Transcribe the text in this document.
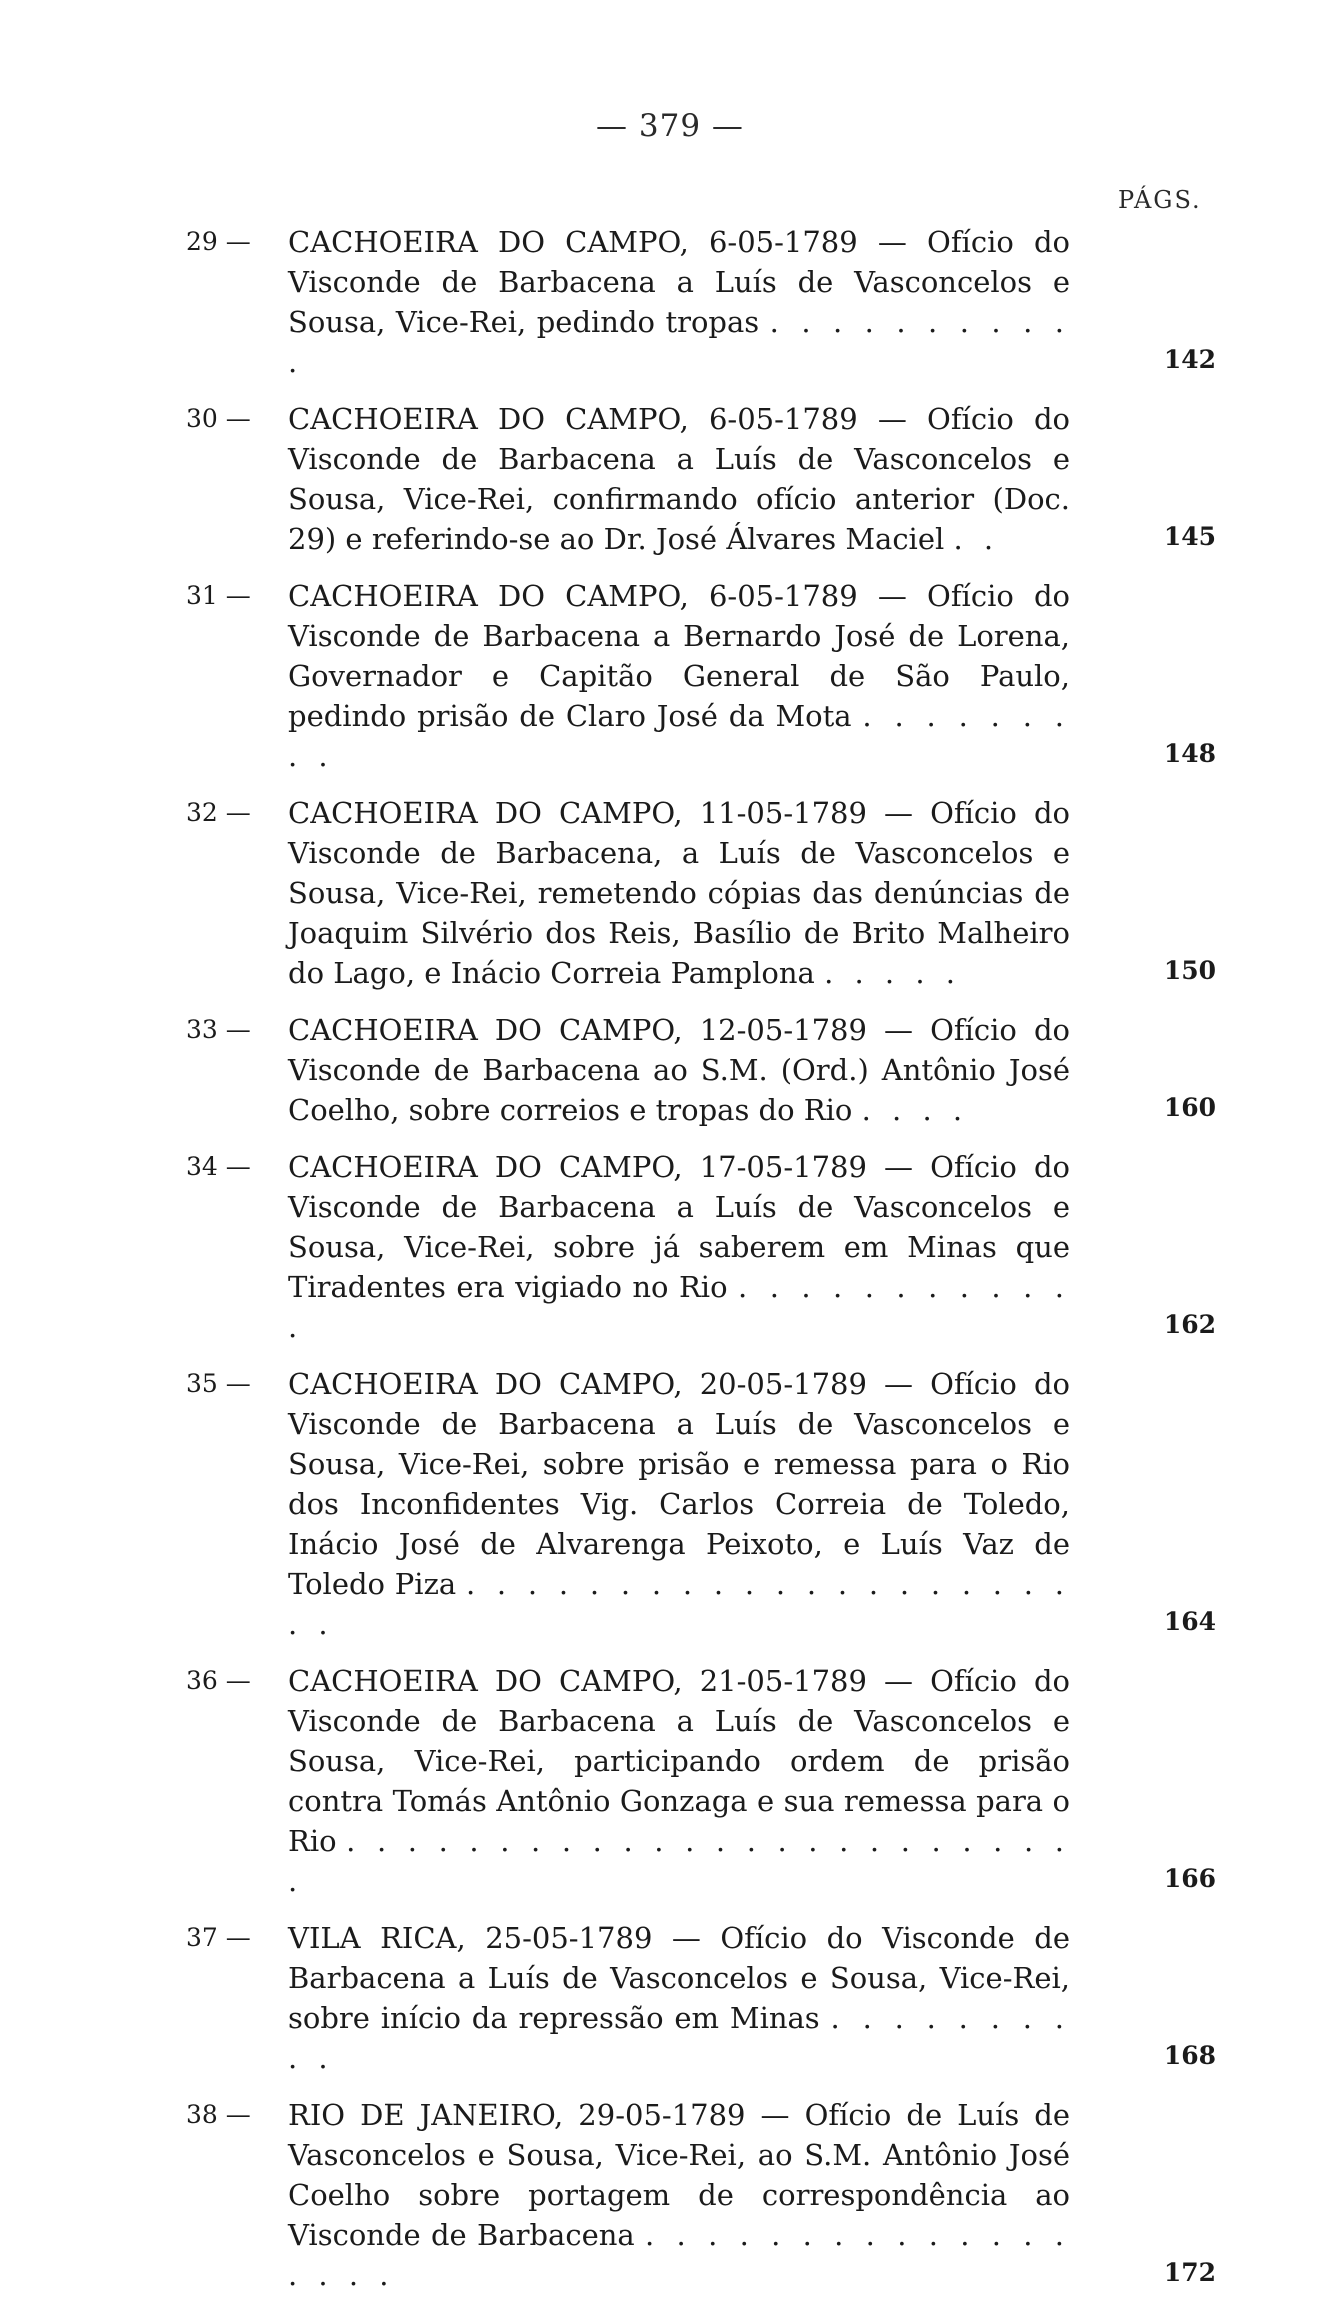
— 379 —
PÁGS.
29 —	CACHOEIRA DO CAMPO, 6-05-1789 — Ofício do Visconde de Barbacena a Luís de Vasconcelos e Sousa, Vice-Rei, pedindo tropas . . . . . . . . . . .	142
30 —	CACHOEIRA DO CAMPO, 6-05-1789 — Ofício do Visconde de Barbacena a Luís de Vasconcelos e Sousa, Vice-Rei, confirmando ofício anterior (Doc. 29) e referindo-se ao Dr. José Álvares Maciel . .	145
31 —	CACHOEIRA DO CAMPO, 6-05-1789 — Ofício do Visconde de Barbacena a Bernardo José de Lorena, Governador e Capitão General de São Paulo, pedindo prisão de Claro José da Mota . . . . . . . . .	148
32 —	CACHOEIRA DO CAMPO, 11-05-1789 — Ofício do Visconde de Barbacena, a Luís de Vasconcelos e Sousa, Vice-Rei, remetendo cópias das denúncias de Joaquim Silvério dos Reis, Basílio de Brito Malheiro do Lago, e Inácio Correia Pamplona . . . . .	150
33 —	CACHOEIRA DO CAMPO, 12-05-1789 — Ofício do Visconde de Barbacena ao S.M. (Ord.) Antônio José Coelho, sobre correios e tropas do Rio . . . .	160
34 —	CACHOEIRA DO CAMPO, 17-05-1789 — Ofício do Visconde de Barbacena a Luís de Vasconcelos e Sousa, Vice-Rei, sobre já saberem em Minas que Tiradentes era vigiado no Rio . . . . . . . . . . . .	162
35 —	CACHOEIRA DO CAMPO, 20-05-1789 — Ofício do Visconde de Barbacena a Luís de Vasconcelos e Sousa, Vice-Rei, sobre prisão e remessa para o Rio dos Inconfidentes Vig. Carlos Correia de Toledo, Inácio José de Alvarenga Peixoto, e Luís Vaz de Toledo Piza . . . . . . . . . . . . . . . . . . . . . .	164
36 —	CACHOEIRA DO CAMPO, 21-05-1789 — Ofício do Visconde de Barbacena a Luís de Vasconcelos e Sousa, Vice-Rei, participando ordem de prisão contra Tomás Antônio Gonzaga e sua remessa para o Rio . . . . . . . . . . . . . . . . . . . . . . . . .	166
37 —	VILA RICA, 25-05-1789 — Ofício do Visconde de Barbacena a Luís de Vasconcelos e Sousa, Vice-Rei, sobre início da repressão em Minas . . . . . . . . . .	168
38 —	RIO DE JANEIRO, 29-05-1789 — Ofício de Luís de Vasconcelos e Sousa, Vice-Rei, ao S.M. Antônio José Coelho sobre portagem de correspondência ao Visconde de Barbacena . . . . . . . . . . . . . . . . . .	172
